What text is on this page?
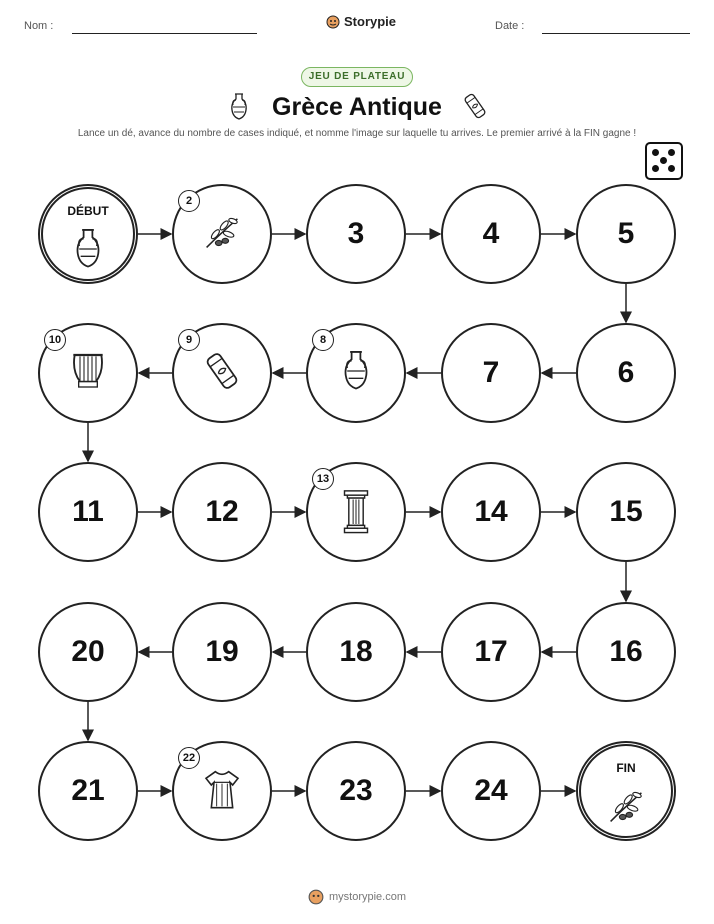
Nom :	Storypie	Date :
JEU DE PLATEAU
Grèce Antique
Lance un dé, avance du nombre de cases indiqué, et nomme l'image sur laquelle tu arrives. Le premier arrivé à la FIN gagne !
DÉBUT
2
3	4	5
6
7
8
9
10
11	12
13
14	15
16
17
18
19
20
21
22
23	24
FIN
mystorypie.com
